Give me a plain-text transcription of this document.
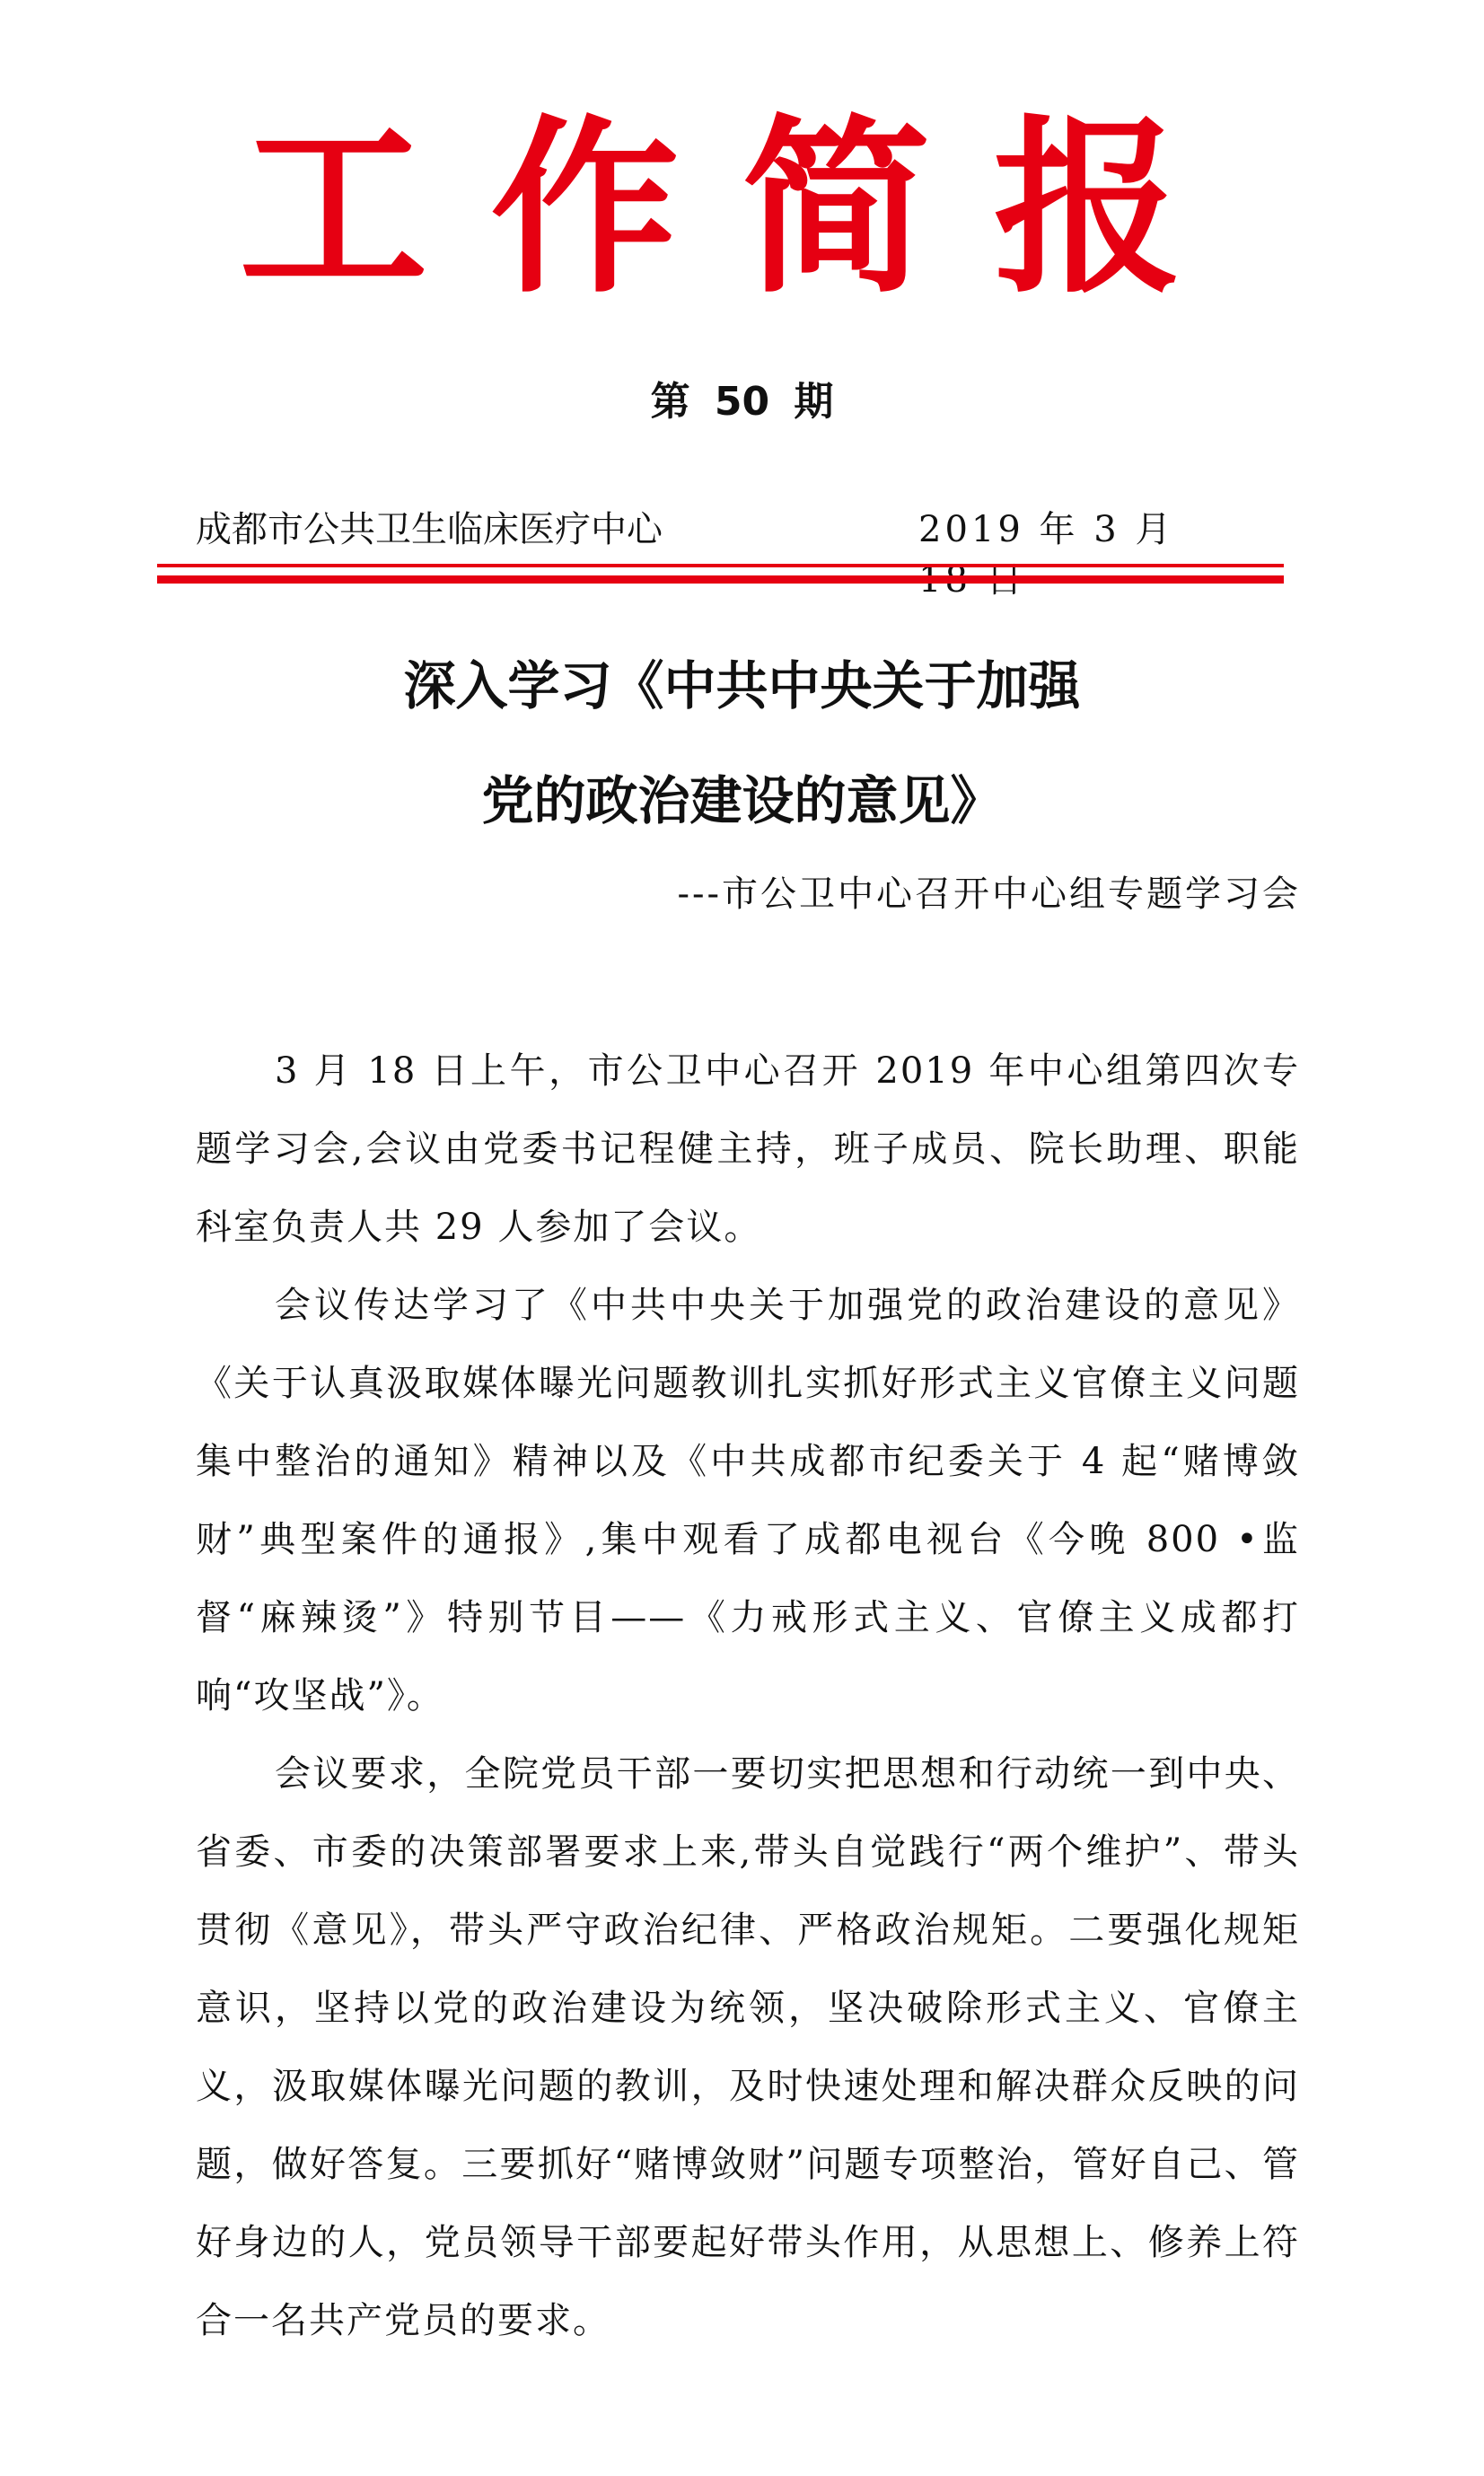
工作简报
第 50 期
成都市公共卫生临床医疗中心	2019 年 3 月
深入学习《中共中央关于加强
党的政治建设的意见》
---市公卫中心召开中心组专题学习会

3 月 18 日上午，市公卫中心召开 2019 年中心组第四次专题学习会,会议由党委书记程健主持，班子成员、院长助理、职能科室负责人共 29 人参加了会议。

会议传达学习了《中共中央关于加强党的政治建设的意见》《关于认真汲取媒体曝光问题教训扎实抓好形式主义官僚主义问题集中整治的通知》精神以及《中共成都市纪委关于 4 起“赌博敛财”典型案件的通报》,集中观看了成都电视台《今晚 800 •监督“麻辣烫”》特别节目——《力戒形式主义、官僚主义成都打响“攻坚战”》。

会议要求，全院党员干部一要切实把思想和行动统一到中央、省委、市委的决策部署要求上来,带头自觉践行“两个维护”、带头贯彻《意见》，带头严守政治纪律、严格政治规矩。二要强化规矩意识，坚持以党的政治建设为统领，坚决破除形式主义、官僚主义，汲取媒体曝光问题的教训，及时快速处理和解决群众反映的问题，做好答复。三要抓好“赌博敛财”问题专项整治，管好自己、管好身边的人，党员领导干部要起好带头作用，从思想上、修养上符合一名共产党员的要求。
